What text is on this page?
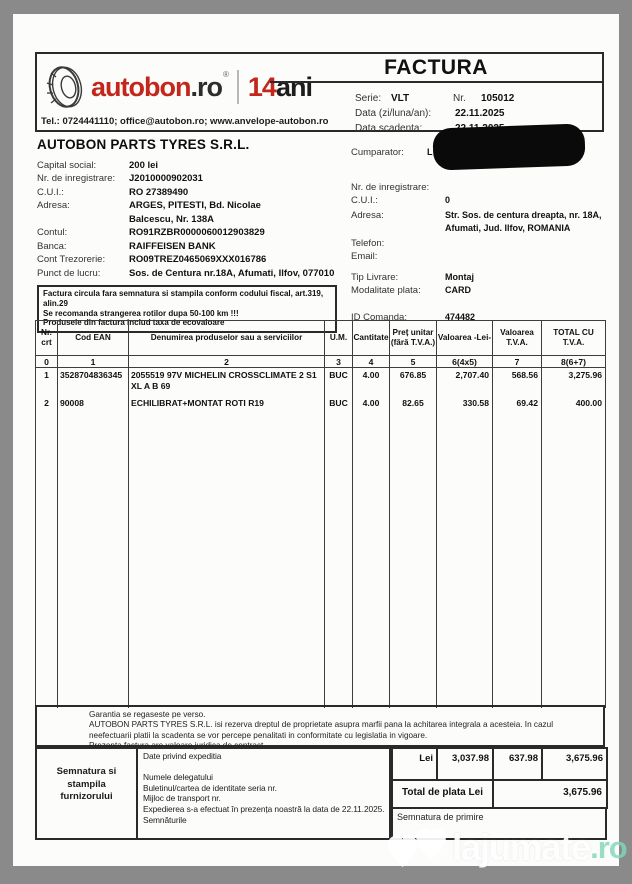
autobon .ro ® 14 ani
Tel.: 0724441110; office@autobon.ro; www.anvelope-autobon.ro
FACTURA
Serie: VLT	Nr.	105012
Data (zi/luna/an):	22.11.2025
Data scadenta:
AUTOBON PARTS TYRES S.R.L.
Capital social:	200 lei
Nr. de inregistrare:	J2010000902031
C.U.I.:	RO 27389490
Adresa:	ARGES, PITESTI, Bd. Nicolae
Balcescu, Nr. 138A
Contul:	RO91RZBR0000060012903829
Banca:	RAIFFEISEN BANK
Cont Trezorerie:	RO09TREZ0465069XXX016786
Punct de lucru:	Sos. de Centura nr.18A, Afumati, Ilfov, 077010
Factura circula fara semnatura si stampila conform codului fiscal, art.319, alin.29
Se recomanda strangerea rotilor dupa 50-100 km !!!
Produsele din factura includ taxa de ecovaloare
Cumparator:	L
Nr. de inregistrare:
C.U.I.:	0
Adresa:	Str. Sos. de centura dreapta, nr. 18A,
Afumati, Jud. Ilfov, ROMANIA
Telefon:
Email:
Tip Livrare:	Montaj
Modalitate plata:	CARD
ID Comanda:	474482
Nr. crt	Cod EAN	Denumirea produselor sau a serviciilor	U.M.	Cantitate	Preț unitar (fără T.V.A.)	Valoarea -Lei-	Valoarea T.V.A.	TOTAL CU T.V.A.
0	1	2	3	4	5	6(4x5)	7	8(6+7)
1	3528704836345	2055519 97V MICHELIN CROSSCLIMATE 2 S1 XL A B 69	BUC	4.00	676.85	2,707.40	568.56	3,275.96
2	90008	ECHILIBRAT+MONTAT ROTI R19	BUC	4.00	82.65	330.58	69.42	400.00

Garantia se regaseste pe verso.
AUTOBON PARTS TYRES S.R.L. isi rezerva dreptul de proprietate asupra marfii pana la achitarea integrala a acesteia. In cazul neefectuarii platii la scadenta se vor percepe penalitati in conformitate cu legislatia in vigoare.
Prezenta factura are valoare juridica de contract.
Semnatura si stampila furnizorului
Date privind expeditia
Numele delegatului
Buletinul/cartea de identitate seria nr.
Mijloc de transport nr.
Expedierea s-a efectuat în prezența noastră la data de 22.11.2025.
Semnăturile
Lei	3,037.98	637.98	3,675.96
Total de plata Lei	3,675.96
Semnatura de primire
lajumate .ro
